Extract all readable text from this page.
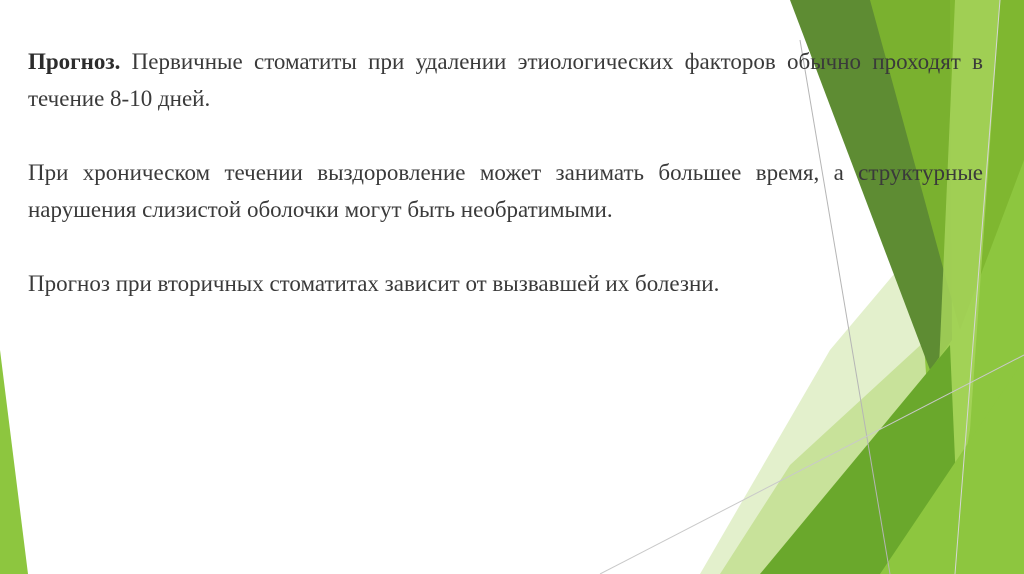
Прогноз. Первичные стоматиты при удалении этиологических факторов обычно проходят в течение 8-10 дней.

При хроническом течении выздоровление может занимать большее время, а структурные нарушения слизистой оболочки могут быть необратимыми.

Прогноз при вторичных стоматитах зависит от вызвавшей их болезни.
